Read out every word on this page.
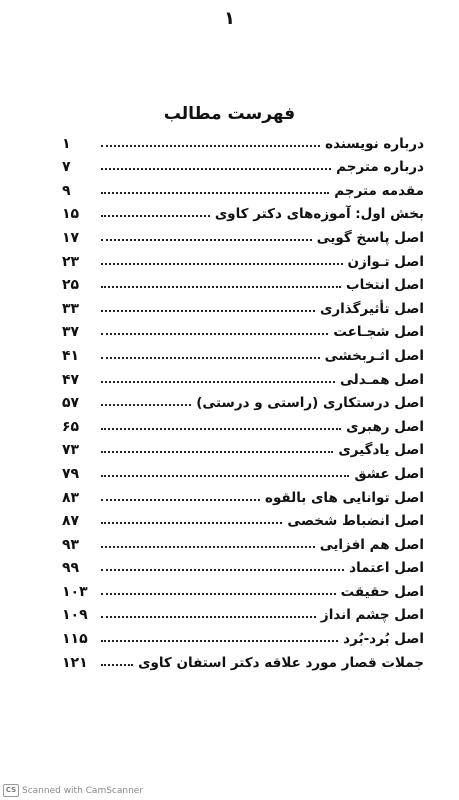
۱
فهرست مطالب
درباره نویسنده
۱
درباره مترجم
۷
مقدمه مترجم
۹
بخش اول: آموزه‌های دکتر کاوی
۱۵
اصل پاسخ گویی
۱۷
اصل تـوازن
۲۳
اصل انتخاب
۲۵
اصل تأثیرگذاری
۳۳
اصل شجـاعت
۳۷
اصل اثـربخشی
۴۱
اصل همـدلی
۴۷
اصل درستکاری (راستی و درستی)
۵۷
اصل رهبری
۶۵
اصل یادگیری
۷۳
اصل عشق
۷۹
اصل توانایی های بالقوه
۸۳
اصل انضباط شخصی
۸۷
اصل هم افزایی
۹۳
اصل اعتماد
۹۹
اصل حقیقت
۱۰۳
اصل چشم انداز
۱۰۹
اصل بُرد-بُرد
۱۱۵
جملات قصار مورد علاقه دکتر استفان کاوی
۱۲۱
CS Scanned with CamScanner
